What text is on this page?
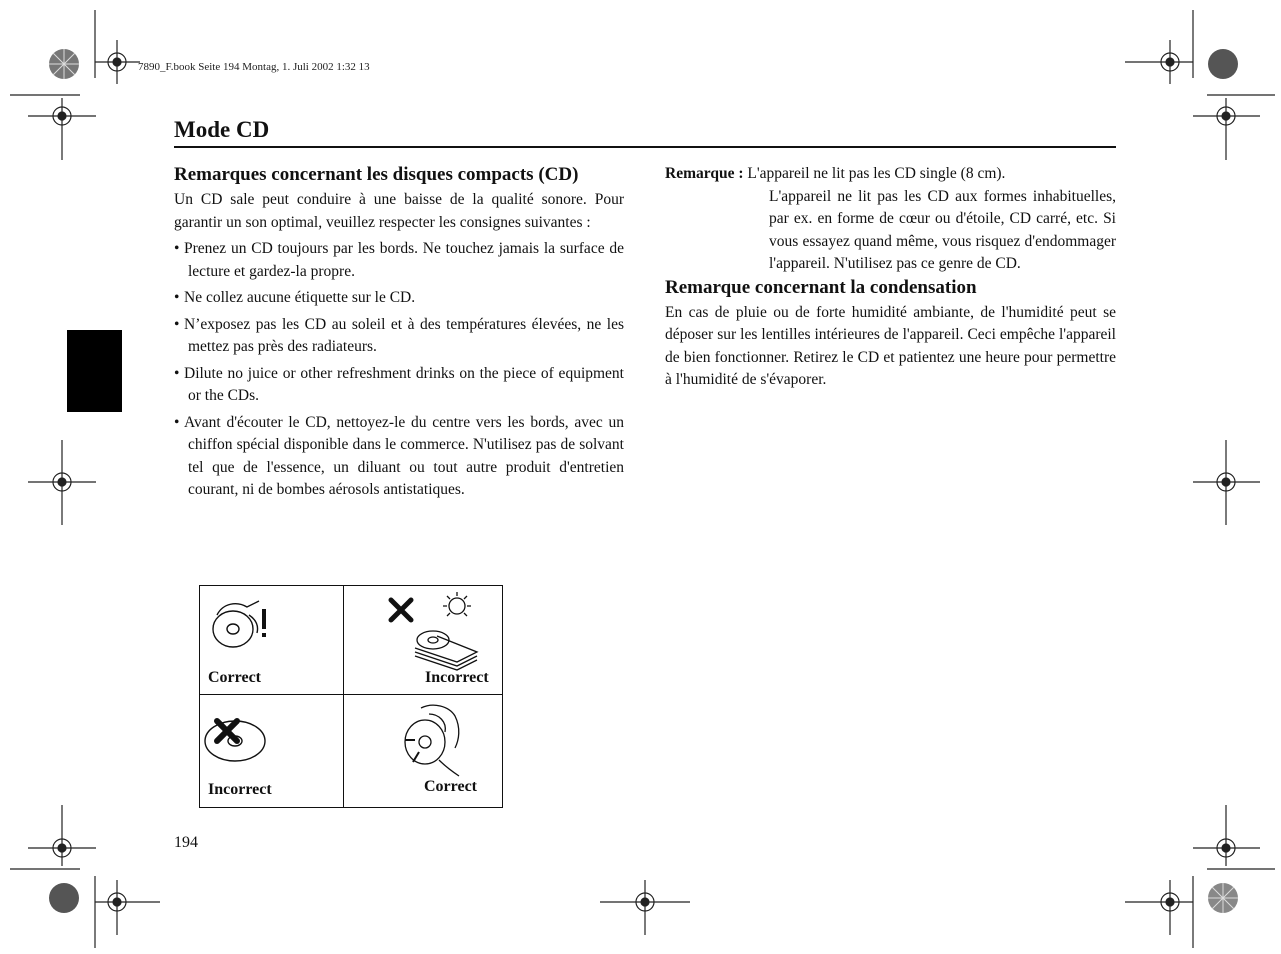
7890_F.book Seite 194 Montag, 1. Juli 2002 1:32 13
Mode CD
Remarques concernant les disques compacts (CD)

Un CD sale peut conduire à une baisse de la qualité sonore. Pour garantir un son optimal, veuillez respecter les consignes suivantes :

• Prenez un CD toujours par les bords. Ne touchez jamais la surface de lecture et gardez-la propre.
• Ne collez aucune étiquette sur le CD.
• N’exposez pas les CD au soleil et à des températures élevées, ne les mettez pas près des radiateurs.
• Dilute no juice or other refreshment drinks on the piece of equipment or the CDs.
• Avant d'écouter le CD, nettoyez-le du centre vers les bords, avec un chiffon spécial disponible dans le commerce. N'utilisez pas de solvant tel que de l'essence, un diluant ou tout autre produit d'entretien courant, ni de bombes aérosols antistatiques.
Correct	Incorrect
Incorrect	Correct
Remarque : L'appareil ne lit pas les CD single (8 cm).
L'appareil ne lit pas les CD aux formes inhabituelles, par ex. en forme de cœur ou d'étoile, CD carré, etc. Si vous essayez quand même, vous risquez d'endommager l'appareil. N'utilisez pas ce genre de CD.
Remarque concernant la condensation

En cas de pluie ou de forte humidité ambiante, de l'humidité peut se déposer sur les lentilles intérieures de l'appareil. Ceci empêche l'appareil de bien fonctionner. Retirez le CD et patientez une heure pour permettre à l'humidité de s'évaporer.

194
